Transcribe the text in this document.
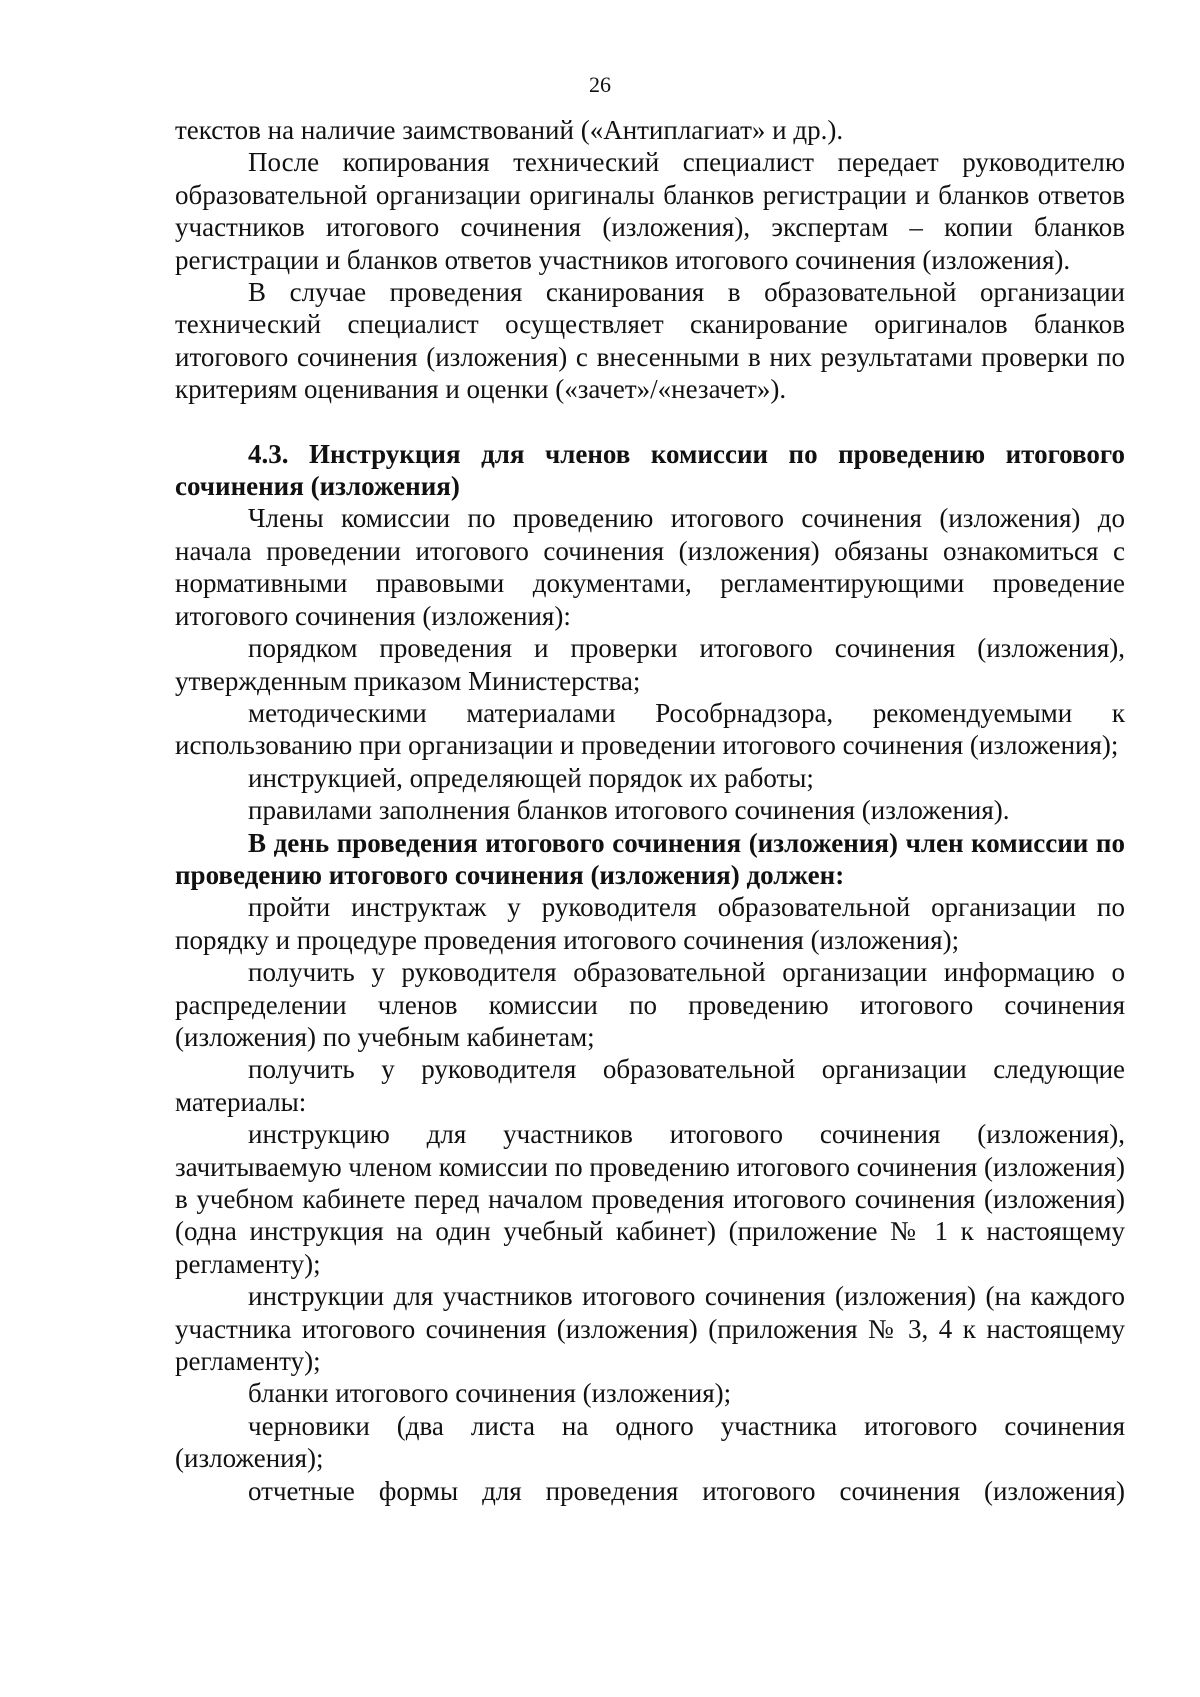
26

текстов на наличие заимствований («Антиплагиат» и др.).

После копирования технический специалист передает руководителю образовательной организации оригиналы бланков регистрации и бланков ответов участников итогового сочинения (изложения), экспертам – копии бланков регистрации и бланков ответов участников итогового сочинения (изложения).

В случае проведения сканирования в образовательной организации технический специалист осуществляет сканирование оригиналов бланков итогового сочинения (изложения) с внесенными в них результатами проверки по критериям оценивания и оценки («зачет»/«незачет»).

4.3. Инструкция для членов комиссии по проведению итогового сочинения (изложения)

Члены комиссии по проведению итогового сочинения (изложения) до начала проведении итогового сочинения (изложения) обязаны ознакомиться с нормативными правовыми документами, регламентирующими проведение итогового сочинения (изложения):

порядком проведения и проверки итогового сочинения (изложения), утвержденным приказом Министерства;

методическими материалами Рособрнадзора, рекомендуемыми к использованию при организации и проведении итогового сочинения (изложения);

инструкцией, определяющей порядок их работы;

правилами заполнения бланков итогового сочинения (изложения).

В день проведения итогового сочинения (изложения) член комиссии по проведению итогового сочинения (изложения) должен:

пройти инструктаж у руководителя образовательной организации по порядку и процедуре проведения итогового сочинения (изложения);

получить у руководителя образовательной организации информацию о распределении членов комиссии по проведению итогового сочинения (изложения) по учебным кабинетам;

получить у руководителя образовательной организации следующие материалы:

инструкцию для участников итогового сочинения (изложения), зачитываемую членом комиссии по проведению итогового сочинения (изложения) в учебном кабинете перед началом проведения итогового сочинения (изложения) (одна инструкция на один учебный кабинет) (приложение № 1 к настоящему регламенту);

инструкции для участников итогового сочинения (изложения) (на каждого участника итогового сочинения (изложения) (приложения № 3, 4 к настоящему регламенту);

бланки итогового сочинения (изложения);

черновики (два листа на одного участника итогового сочинения (изложения);

отчетные формы для проведения итогового сочинения (изложения)
